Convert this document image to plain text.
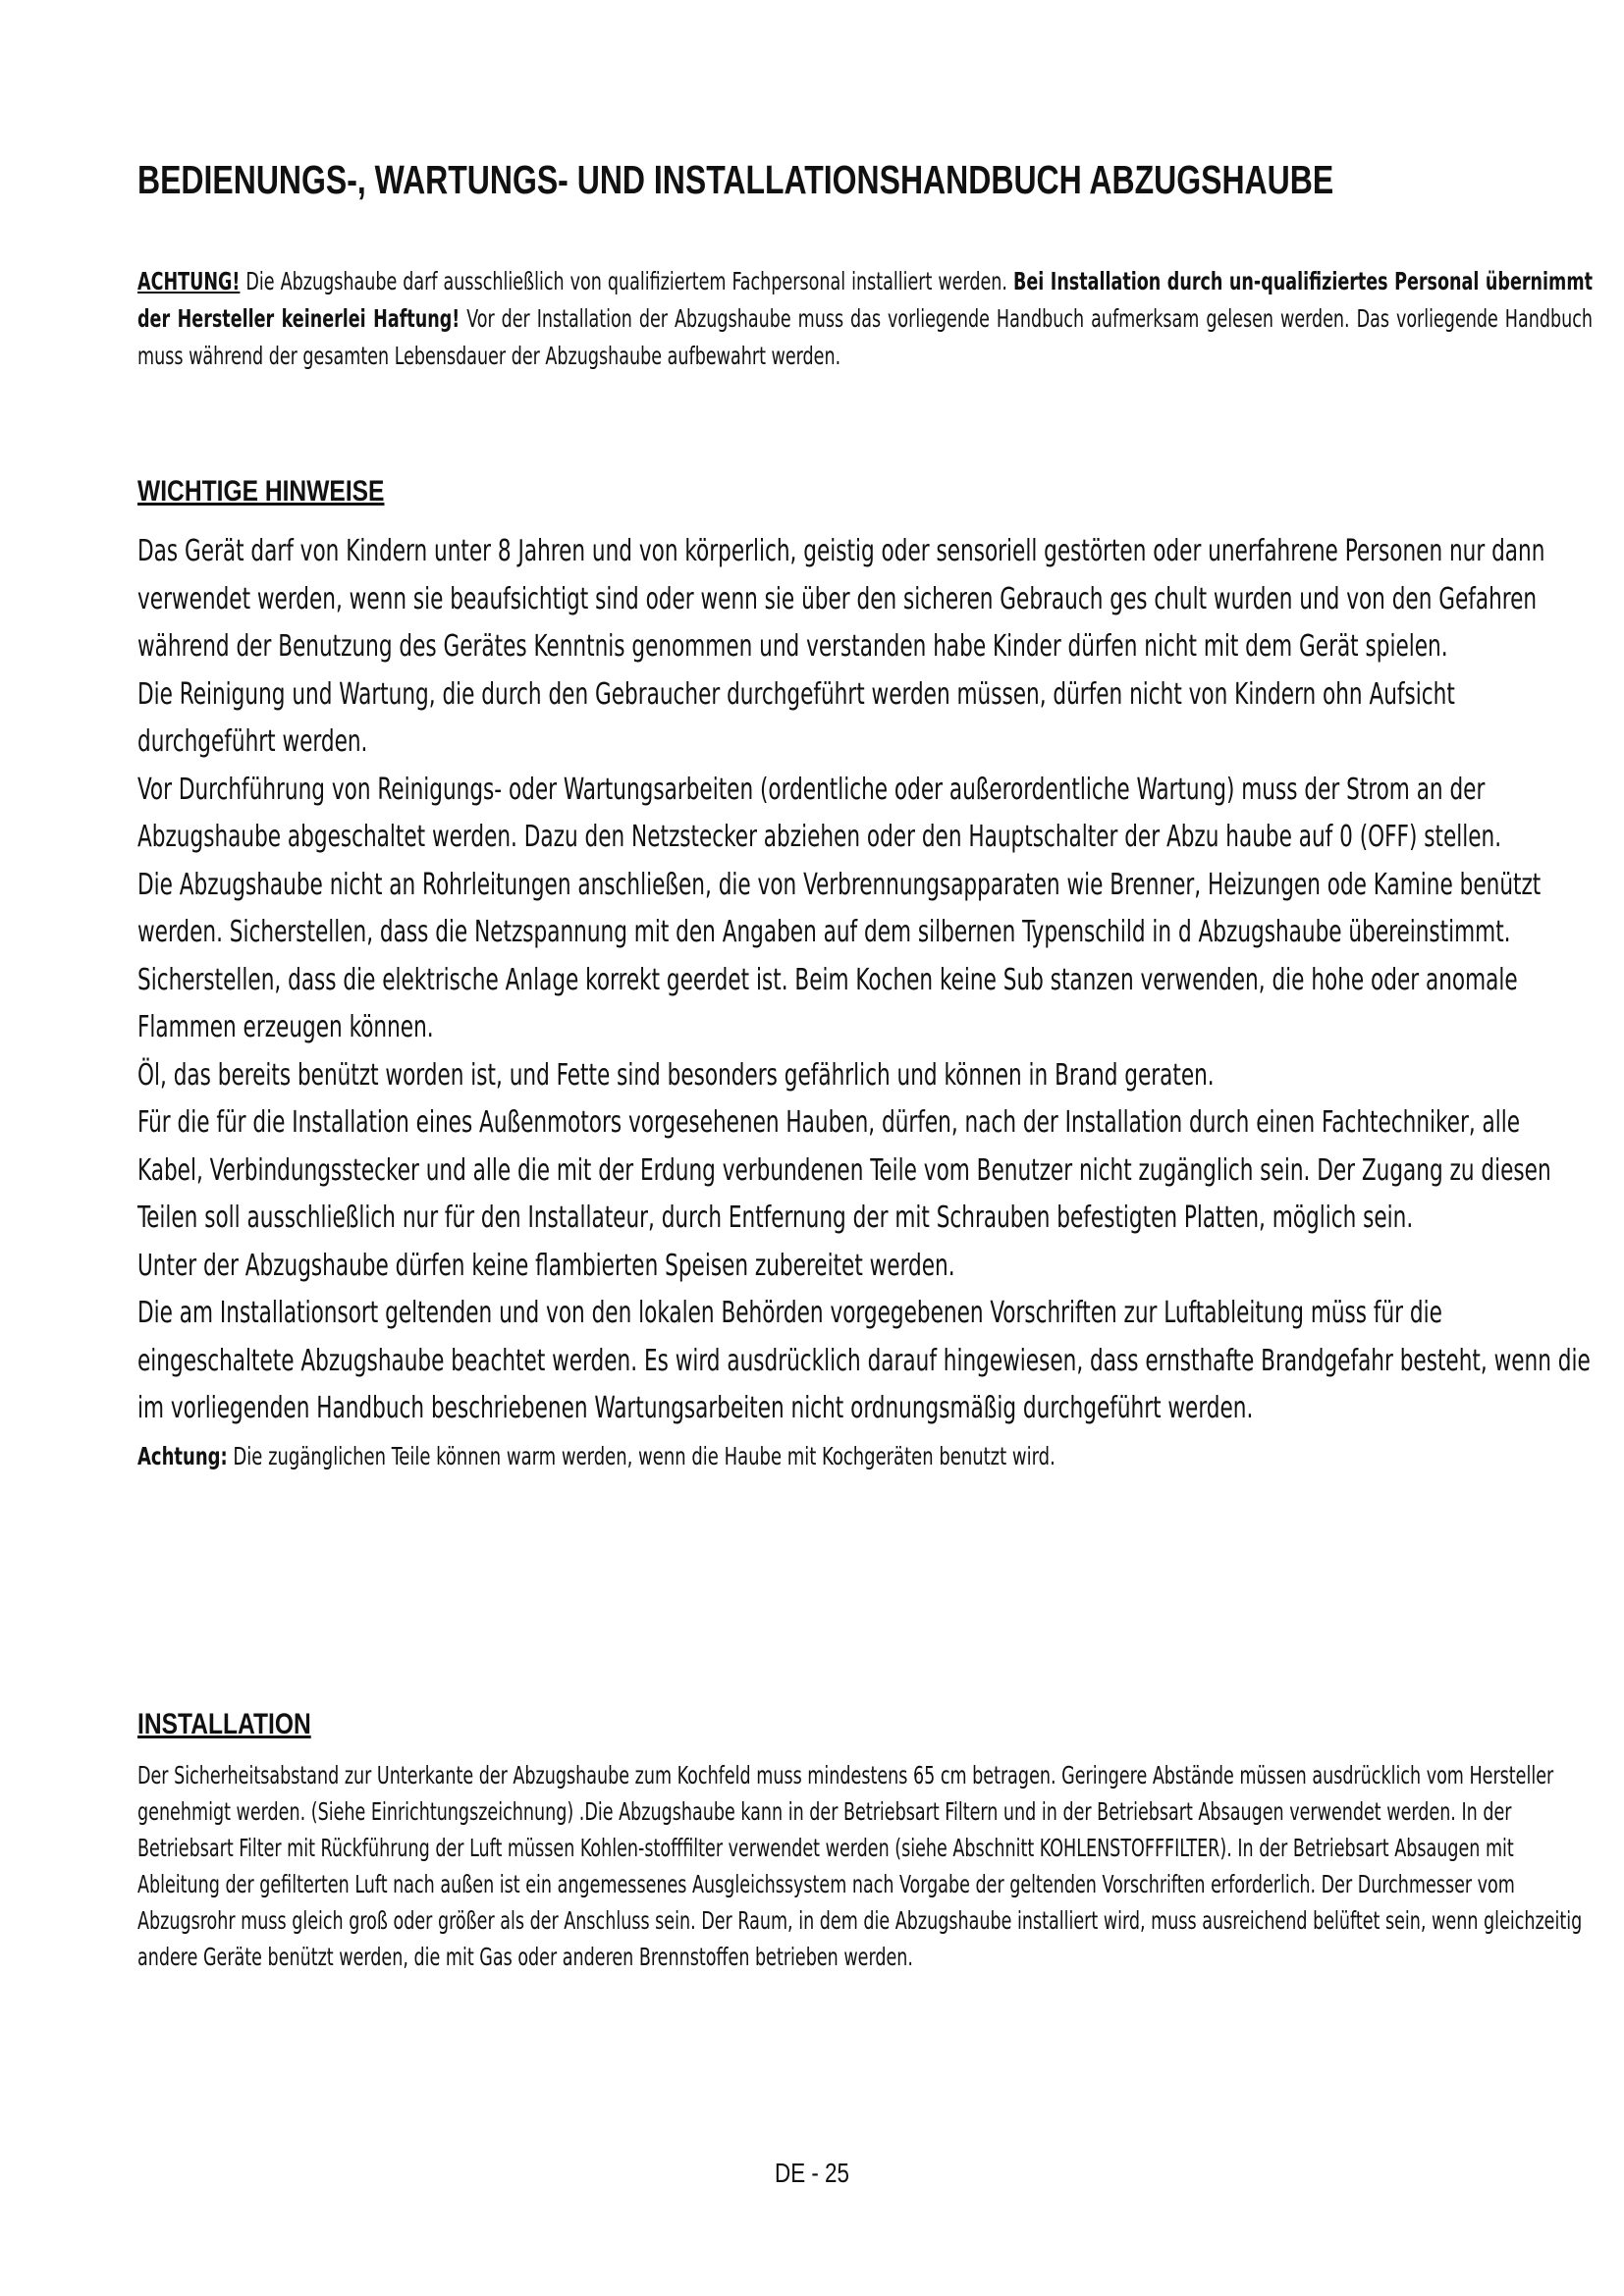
BEDIENUNGS-, WARTUNGS- UND INSTALLATIONSHANDBUCH ABZUGSHAUBE
ACHTUNG! Die Abzugshaube darf ausschließlich von qualifiziertem Fachpersonal installiert werden. Bei Installation durch un-qualifiziertes Personal übernimmt der Hersteller keinerlei Haftung! Vor der Installation der Abzugshaube muss das vorliegende Handbuch aufmerksam gelesen werden. Das vorliegende Handbuch muss während der gesamten Lebensdauer der Abzugshaube aufbewahrt werden.
WICHTIGE HINWEISE

Das Gerät darf von Kindern unter 8 Jahren und von körperlich, geistig oder sensoriell gestörten oder unerfahrene Personen nur dann verwendet werden, wenn sie beaufsichtigt sind oder wenn sie über den sicheren Gebrauch ges chult wurden und von den Gefahren während der Benutzung des Gerätes Kenntnis genommen und verstanden habe Kinder dürfen nicht mit dem Gerät spielen.

Die Reinigung und Wartung, die durch den Gebraucher durchgeführt werden müssen, dürfen nicht von Kindern ohn Aufsicht durchgeführt werden.

Vor Durchführung von Reinigungs- oder Wartungsarbeiten (ordentliche oder außerordentliche Wartung) muss der Strom an der Abzugshaube abgeschaltet werden. Dazu den Netzstecker abziehen oder den Hauptschalter der Abzu haube auf 0 (OFF) stellen.

Die Abzugshaube nicht an Rohrleitungen anschließen, die von Verbrennungsapparaten wie Brenner, Heizungen ode Kamine benützt werden. Sicherstellen, dass die Netzspannung mit den Angaben auf dem silbernen Typenschild in d Abzugshaube übereinstimmt. Sicherstellen, dass die elektrische Anlage korrekt geerdet ist. Beim Kochen keine Sub stanzen verwenden, die hohe oder anomale Flammen erzeugen können.

Öl, das bereits benützt worden ist, und Fette sind besonders gefährlich und können in Brand geraten.

Für die für die Installation eines Außenmotors vorgesehenen Hauben, dürfen, nach der Installation durch einen Fachtechniker, alle Kabel, Verbindungsstecker und alle die mit der Erdung verbundenen Teile vom Benutzer nicht zugänglich sein. Der Zugang zu diesen Teilen soll ausschließlich nur für den Installateur, durch Entfernung der mit Schrauben befestigten Platten, möglich sein.

Unter der Abzugshaube dürfen keine flambierten Speisen zubereitet werden.

Die am Installationsort geltenden und von den lokalen Behörden vorgegebenen Vorschriften zur Luftableitung müss für die eingeschaltete Abzugshaube beachtet werden. Es wird ausdrücklich darauf hingewiesen, dass ernsthafte Brandgefahr besteht, wenn die im vorliegenden Handbuch beschriebenen Wartungsarbeiten nicht ordnungsmäßig durchgeführt werden.

Achtung: Die zugänglichen Teile können warm werden, wenn die Haube mit Kochgeräten benutzt wird.

INSTALLATION

Der Sicherheitsabstand zur Unterkante der Abzugshaube zum Kochfeld muss mindestens 65 cm betragen. Geringere Abstände müssen ausdrücklich vom Hersteller genehmigt werden. (Siehe Einrichtungszeichnung) .Die Abzugshaube kann in der Betriebsart Filtern und in der Betriebsart Absaugen verwendet werden. In der Betriebsart Filter mit Rückführung der Luft müssen Kohlen-stofffilter verwendet werden (siehe Abschnitt KOHLENSTOFFFILTER). In der Betriebsart Absaugen mit Ableitung der gefilterten Luft nach außen ist ein angemessenes Ausgleichssystem nach Vorgabe der geltenden Vorschriften erforderlich. Der Durchmesser vom Abzugsrohr muss gleich groß oder größer als der Anschluss sein. Der Raum, in dem die Abzugshaube installiert wird, muss ausreichend belüftet sein, wenn gleichzeitig andere Geräte benützt werden, die mit Gas oder anderen Brennstoffen betrieben werden.

DE - 25
